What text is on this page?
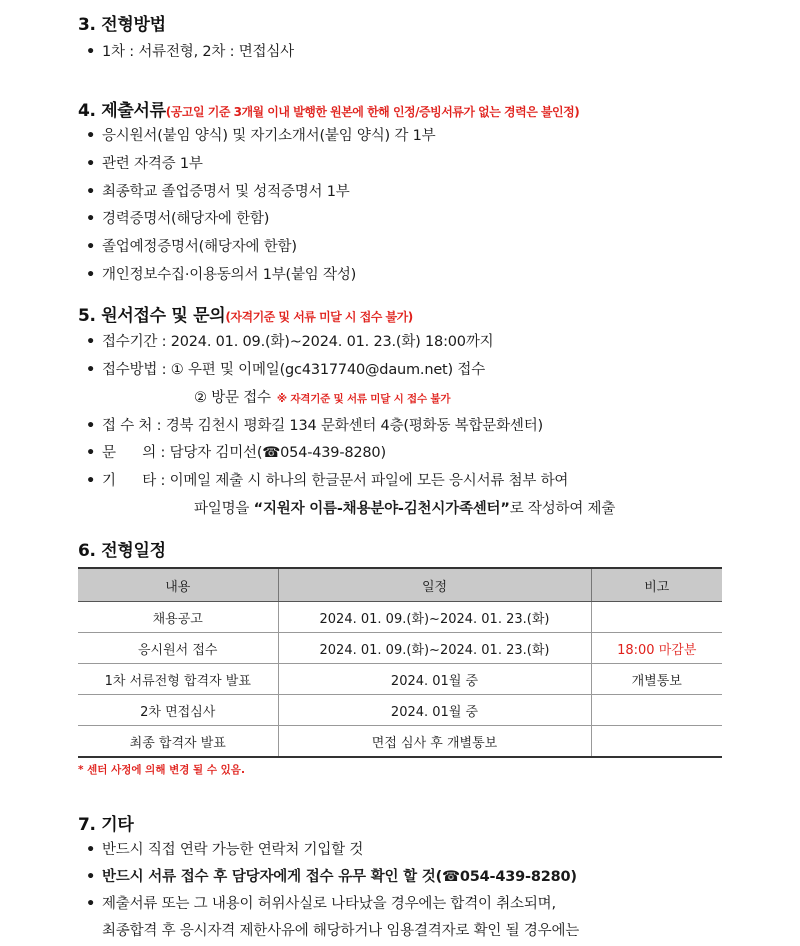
3. 전형방법
• 1차 : 서류전형, 2차 : 면접심사
4. 제출서류(공고일 기준 3개월 이내 발행한 원본에 한해 인정/증빙서류가 없는 경력은 불인정)
• 응시원서(붙임 양식) 및 자기소개서(붙임 양식) 각 1부
• 관련 자격증 1부
• 최종학교 졸업증명서 및 성적증명서 1부
• 경력증명서(해당자에 한함)
• 졸업예정증명서(해당자에 한함)
• 개인정보수집·이용동의서 1부(붙임 작성)
5. 원서접수 및 문의(자격기준 및 서류 미달 시 접수 불가)
• 접수기간 : 2024. 01. 09.(화)~2024. 01. 23.(화) 18:00까지
• 접수방법 : ① 우편 및 이메일(gc4317740@daum.net) 접수
② 방문 접수 ※ 자격기준 및 서류 미달 시 접수 불가
• 접 수 처 : 경북 김천시 평화길 134 문화센터 4층(평화동 복합문화센터)
• 문      의 : 담당자 김미선(☎054-439-8280)
• 기      타 : 이메일 제출 시 하나의 한글문서 파일에 모든 응시서류 첨부 하여
파일명을 “지원자 이름-채용분야-김천시가족센터”로 작성하여 제출
6. 전형일정
내용	일정	비고
채용공고	2024. 01. 09.(화)~2024. 01. 23.(화)	
응시원서 접수	2024. 01. 09.(화)~2024. 01. 23.(화)	18:00 마감분
1차 서류전형 합격자 발표	2024. 01월 중	개별통보
2차 면접심사	2024. 01월 중	
최종 합격자 발표	면접 심사 후 개별통보	
* 센터 사정에 의해 변경 될 수 있음.
7. 기타
• 반드시 직접 연락 가능한 연락처 기입할 것
• 반드시 서류 접수 후 담당자에게 접수 유무 확인 할 것(☎054-439-8280)
• 제출서류 또는 그 내용이 허위사실로 나타났을 경우에는 합격이 취소되며,
최종합격 후 응시자격 제한사유에 해당하거나 임용결격자로 확인 될 경우에는
